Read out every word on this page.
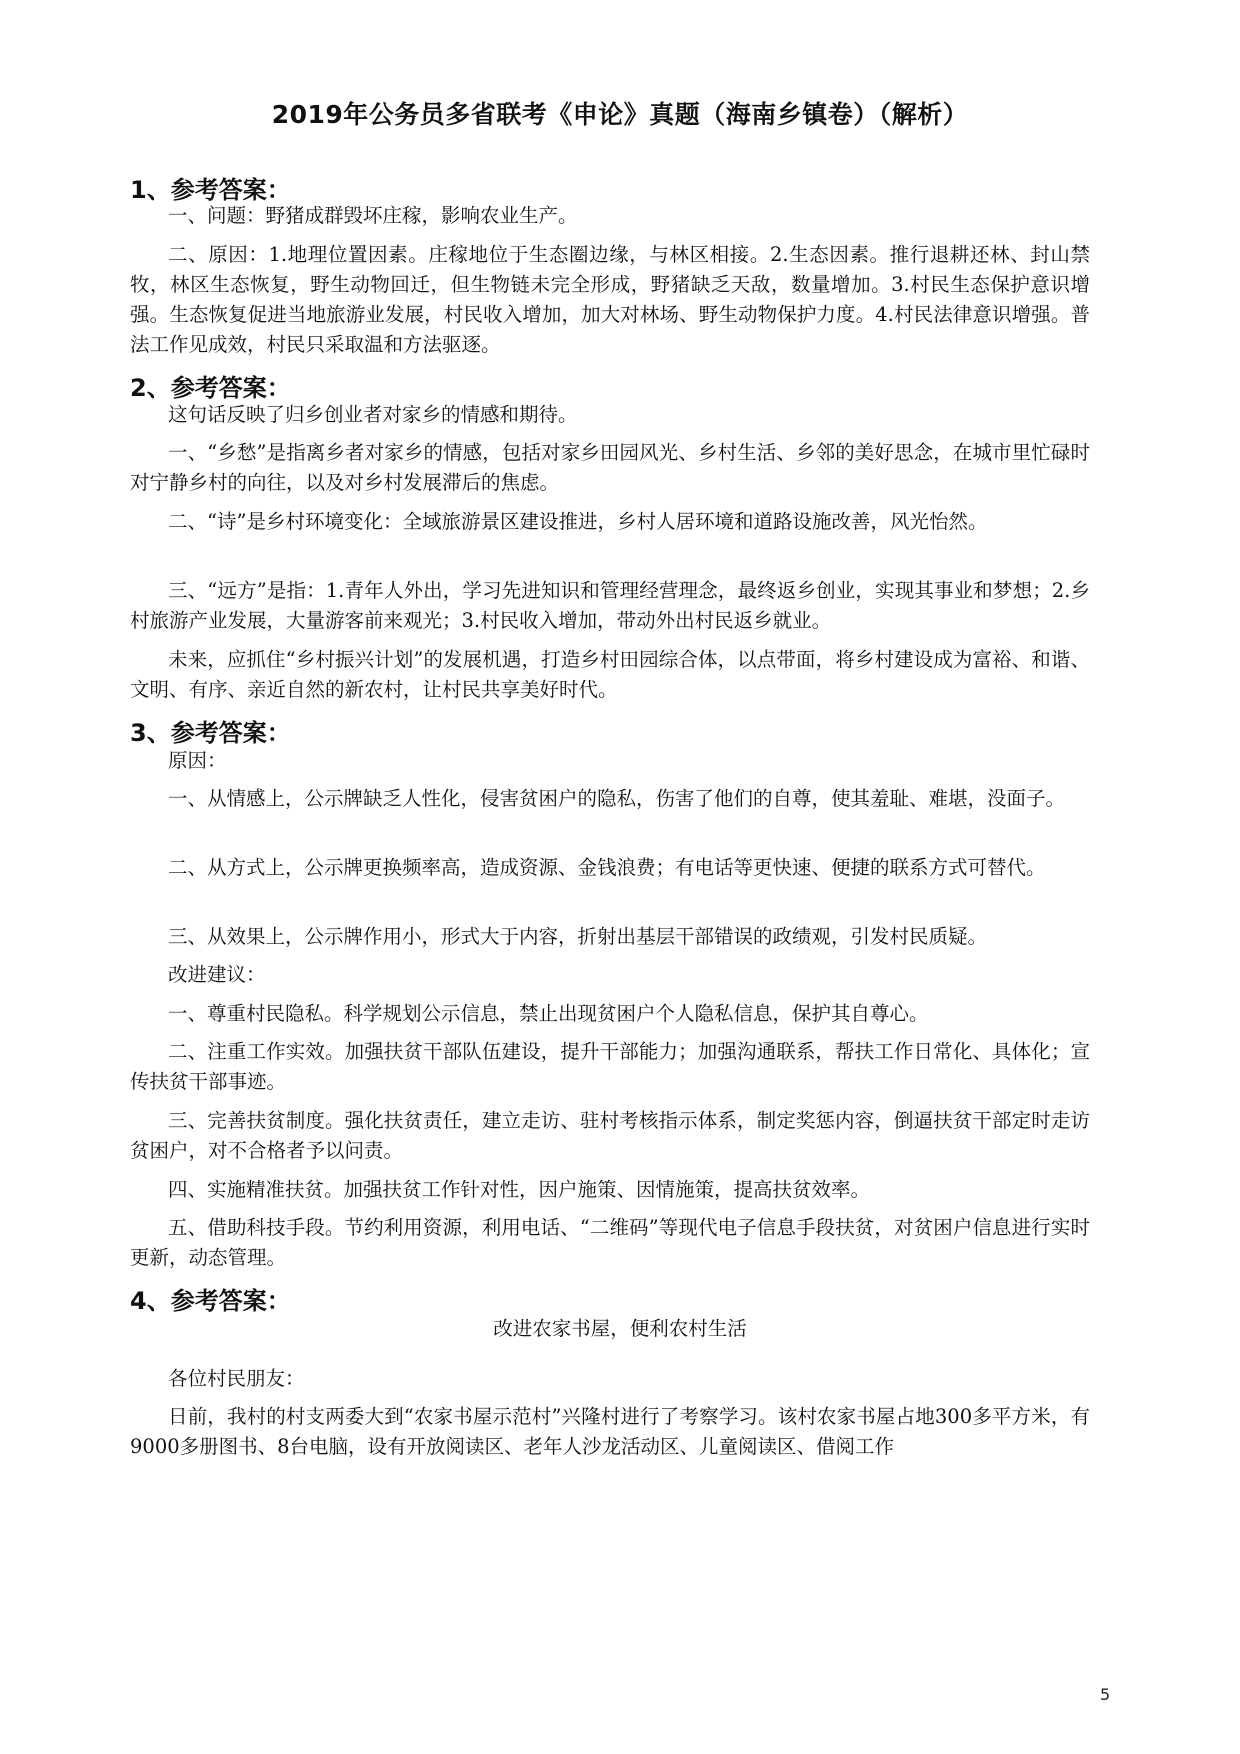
2019年公务员多省联考《申论》真题（海南乡镇卷）（解析）
1、参考答案：

一、问题：野猪成群毁坏庄稼，影响农业生产。

二、原因：1.地理位置因素。庄稼地位于生态圈边缘，与林区相接。2.生态因素。推行退耕还林、封山禁牧，林区生态恢复，野生动物回迁，但生物链未完全形成，野猪缺乏天敌，数量增加。3.村民生态保护意识增强。生态恢复促进当地旅游业发展，村民收入增加，加大对林场、野生动物保护力度。4.村民法律意识增强。普法工作见成效，村民只采取温和方法驱逐。

2、参考答案：

这句话反映了归乡创业者对家乡的情感和期待。

一、“乡愁”是指离乡者对家乡的情感，包括对家乡田园风光、乡村生活、乡邻的美好思念，在城市里忙碌时对宁静乡村的向往，以及对乡村发展滞后的焦虑。

二、“诗”是乡村环境变化：全域旅游景区建设推进，乡村人居环境和道路设施改善，风光怡然。

三、“远方”是指：1.青年人外出，学习先进知识和管理经营理念，最终返乡创业，实现其事业和梦想；2.乡村旅游产业发展，大量游客前来观光；3.村民收入增加，带动外出村民返乡就业。

未来，应抓住“乡村振兴计划”的发展机遇，打造乡村田园综合体，以点带面，将乡村建设成为富裕、和谐、文明、有序、亲近自然的新农村，让村民共享美好时代。

3、参考答案：

原因：

一、从情感上，公示牌缺乏人性化，侵害贫困户的隐私，伤害了他们的自尊，使其羞耻、难堪，没面子。

二、从方式上，公示牌更换频率高，造成资源、金钱浪费；有电话等更快速、便捷的联系方式可替代。

三、从效果上，公示牌作用小，形式大于内容，折射出基层干部错误的政绩观，引发村民质疑。

改进建议：

一、尊重村民隐私。科学规划公示信息，禁止出现贫困户个人隐私信息，保护其自尊心。

二、注重工作实效。加强扶贫干部队伍建设，提升干部能力；加强沟通联系，帮扶工作日常化、具体化；宣传扶贫干部事迹。

三、完善扶贫制度。强化扶贫责任，建立走访、驻村考核指示体系，制定奖惩内容，倒逼扶贫干部定时走访贫困户，对不合格者予以问责。

四、实施精准扶贫。加强扶贫工作针对性，因户施策、因情施策，提高扶贫效率。

五、借助科技手段。节约利用资源，利用电话、“二维码”等现代电子信息手段扶贫，对贫困户信息进行实时更新，动态管理。

4、参考答案：
改进农家书屋，便利农村生活

各位村民朋友：

日前，我村的村支两委大到“农家书屋示范村”兴隆村进行了考察学习。该村农家书屋占地300多平方米，有9000多册图书、8台电脑，设有开放阅读区、老年人沙龙活动区、儿童阅读区、借阅工作

5
